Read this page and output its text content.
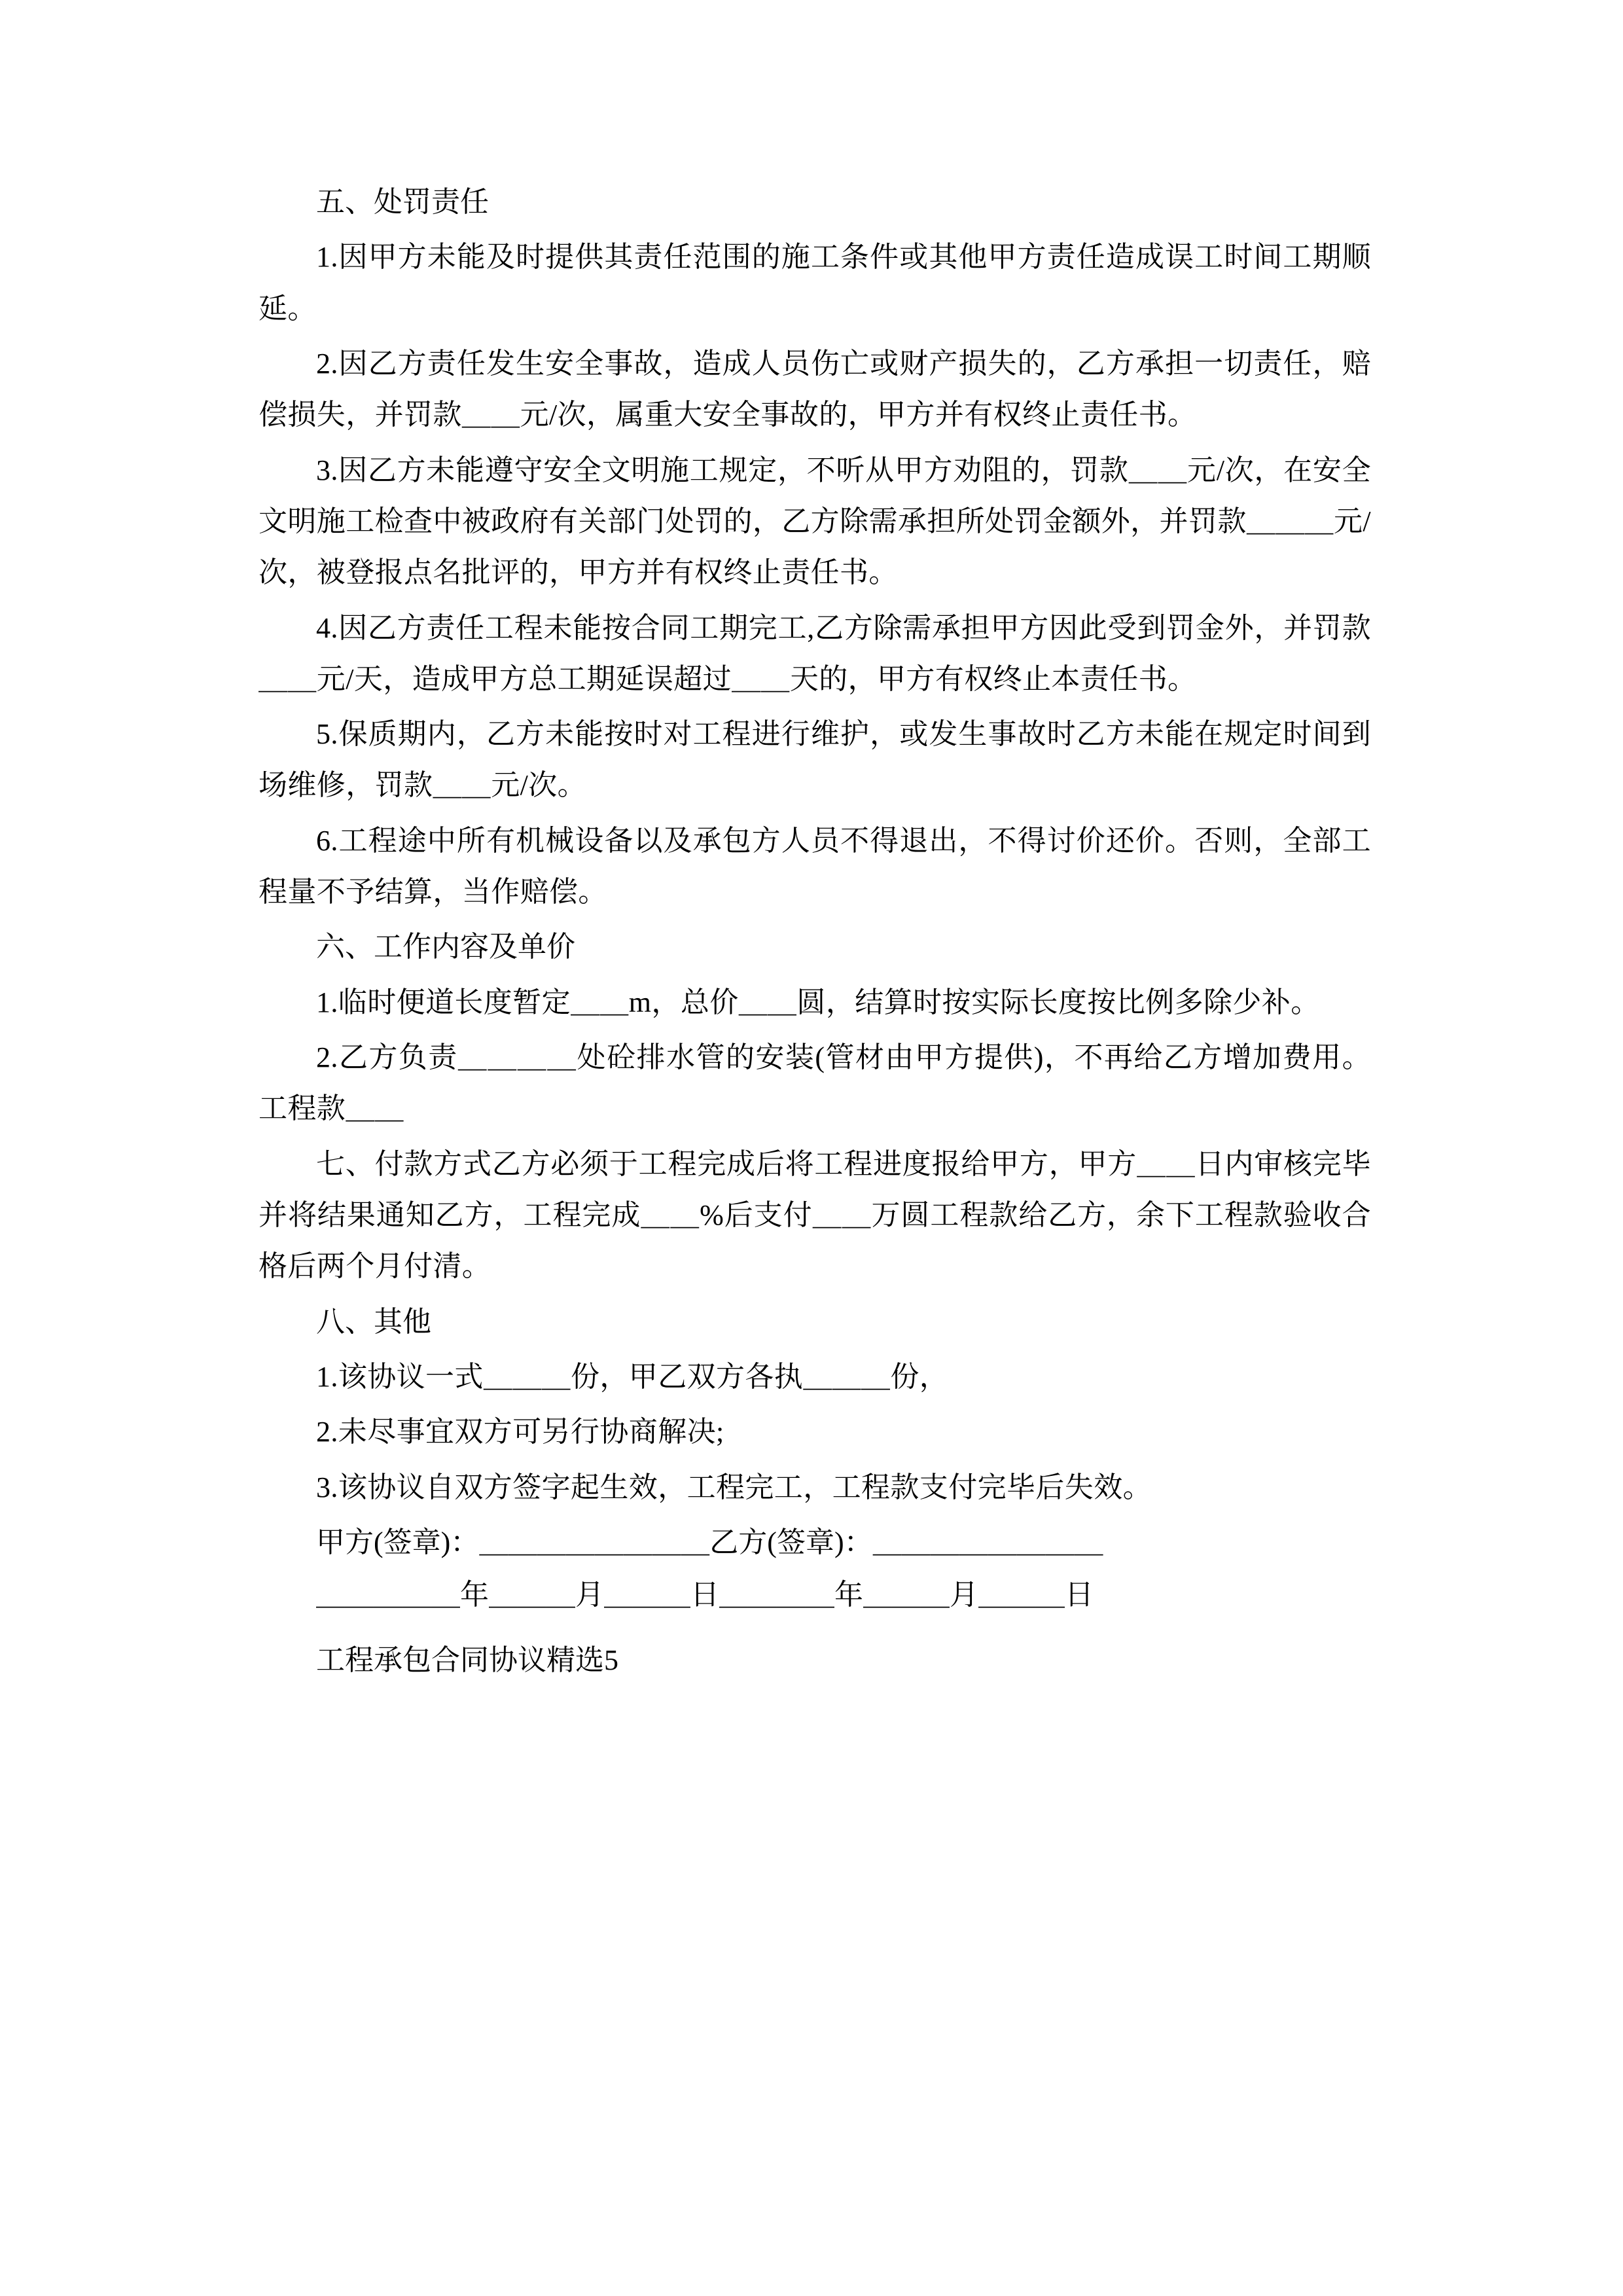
五、处罚责任

1.因甲方未能及时提供其责任范围的施工条件或其他甲方责任造成误工时间工期顺延。

2.因乙方责任发生安全事故，造成人员伤亡或财产损失的，乙方承担一切责任，赔偿损失，并罚款＿＿元/次，属重大安全事故的，甲方并有权终止责任书。

3.因乙方未能遵守安全文明施工规定，不听从甲方劝阻的，罚款＿＿元/次，在安全文明施工检查中被政府有关部门处罚的，乙方除需承担所处罚金额外，并罚款＿＿＿元/次，被登报点名批评的，甲方并有权终止责任书。

4.因乙方责任工程未能按合同工期完工,乙方除需承担甲方因此受到罚金外，并罚款＿＿元/天，造成甲方总工期延误超过＿＿天的，甲方有权终止本责任书。

5.保质期内，乙方未能按时对工程进行维护，或发生事故时乙方未能在规定时间到场维修，罚款＿＿元/次。

6.工程途中所有机械设备以及承包方人员不得退出，不得讨价还价。否则，全部工程量不予结算，当作赔偿。

六、工作内容及单价

1.临时便道长度暂定＿＿m，总价＿＿圆，结算时按实际长度按比例多除少补。

2.乙方负责＿＿＿＿处砼排水管的安装(管材由甲方提供)，不再给乙方增加费用。工程款＿＿

七、付款方式乙方必须于工程完成后将工程进度报给甲方，甲方＿＿日内审核完毕并将结果通知乙方，工程完成＿＿%后支付＿＿万圆工程款给乙方，余下工程款验收合格后两个月付清。

八、其他

1.该协议一式＿＿＿份，甲乙双方各执＿＿＿份，

2.未尽事宜双方可另行协商解决;

3.该协议自双方签字起生效，工程完工，工程款支付完毕后失效。

甲方(签章)：＿＿＿＿＿＿＿＿乙方(签章)：＿＿＿＿＿＿＿＿

＿＿＿＿＿年＿＿＿月＿＿＿日＿＿＿＿年＿＿＿月＿＿＿日

工程承包合同协议精选5
